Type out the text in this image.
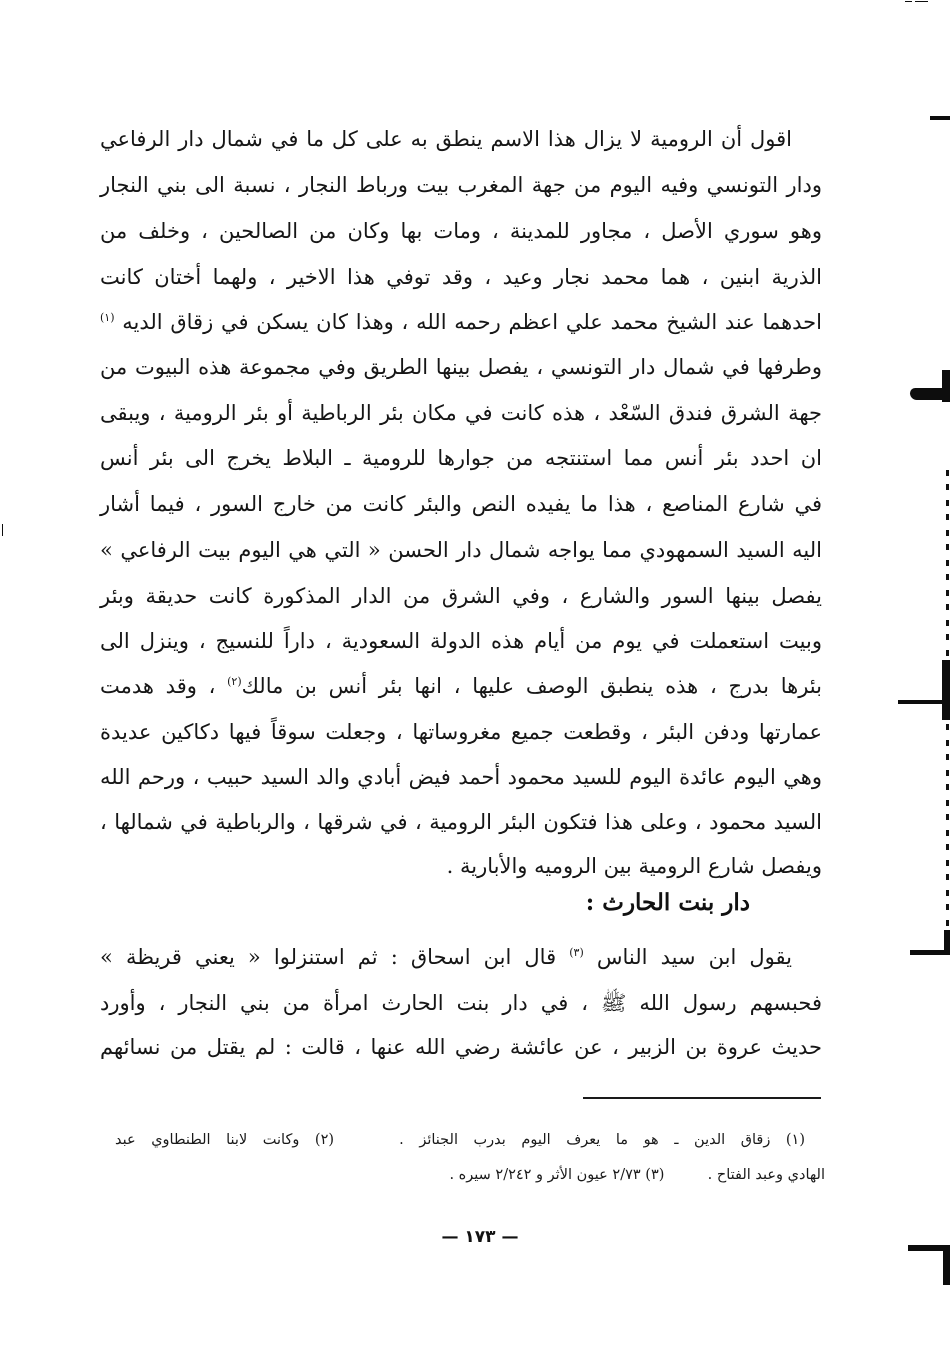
اقول أن الرومية لا يزال هذا الاسم ينطق به على كل ما في شمال دار الرفاعي
ودار التونسي وفيه اليوم من جهة المغرب بيت ورباط النجار ، نسبة الى بني النجار
وهو سوري الأصل ، مجاور للمدينة ، ومات بها وكان من الصالحين ، وخلف من
الذرية ابنين ، هما محمد نجار وعيد ، وقد توفي هذا الاخير ، ولهما أختان كانت
احدهما عند الشيخ محمد علي اعظم رحمه الله ، وهذا كان يسكن في زقاق الديه $^{(١)}$
وطرفها في شمال دار التونسي ، يفصل بينها الطريق وفي مجموعة هذه البيوت من
جهة الشرق فندق السّعْد ، هذه كانت في مكان بئر الرباطية أو بئر الرومية ، ويبقى
ان احدد بئر أنس مما استنتجه من جوارها للرومية ـ البلاط يخرج الى بئر أنس
في شارع المناصع ، هذا ما يفيده النص والبئر كانت من خارج السور ، فيما أشار
اليه السيد السمهودي مما يواجه شمال دار الحسن « التي هي اليوم بيت الرفاعي »
يفصل بينها السور والشارع ، وفي الشرق من الدار المذكورة كانت حديقة وبئر
وبيت استعملت في يوم من أيام هذه الدولة السعودية ، داراً للنسيج ، وينزل الى
بئرها بدرج ، هذه ينطبق الوصف عليها ، انها بئر أنس بن مالك$^{(٢)}$ ، وقد هدمت
عمارتها ودفن البئر ، وقطعت جميع مغروساتها ، وجعلت سوقاً فيها دكاكين عديدة
وهي اليوم عائدة اليوم للسيد محمود أحمد فيض أبادي والد السيد حبيب ، ورحم الله
السيد محمود ، وعلى هذا فتكون البئر الرومية ، في شرقها ، والرباطية في شمالها ،
ويفصل شارع الرومية بين الروميه والأبارية .
دار بنت الحارث :
يقول ابن سيد الناس $^{(٣)}$ قال ابن اسحاق : ثم استنزلوا « يعني قريظة »
فحبسهم رسول الله ﷺ ، في دار بنت الحارث امرأة من بني النجار ، وأورد
حديث عروة بن الزبير ، عن عائشة رضي الله عنها ، قالت : لم يقتل من نسائهم
(١) زقاق الدين ـ هو ما يعرف اليوم بدرب الجنائز .  (٢) وكانت لابنا الطنطاوي عبد
الهادي وعبد الفتاح .  (٣) ٢/٧٣ عيون الأثر و ٢/٢٤٢ سيره .
— ١٧٣ —
